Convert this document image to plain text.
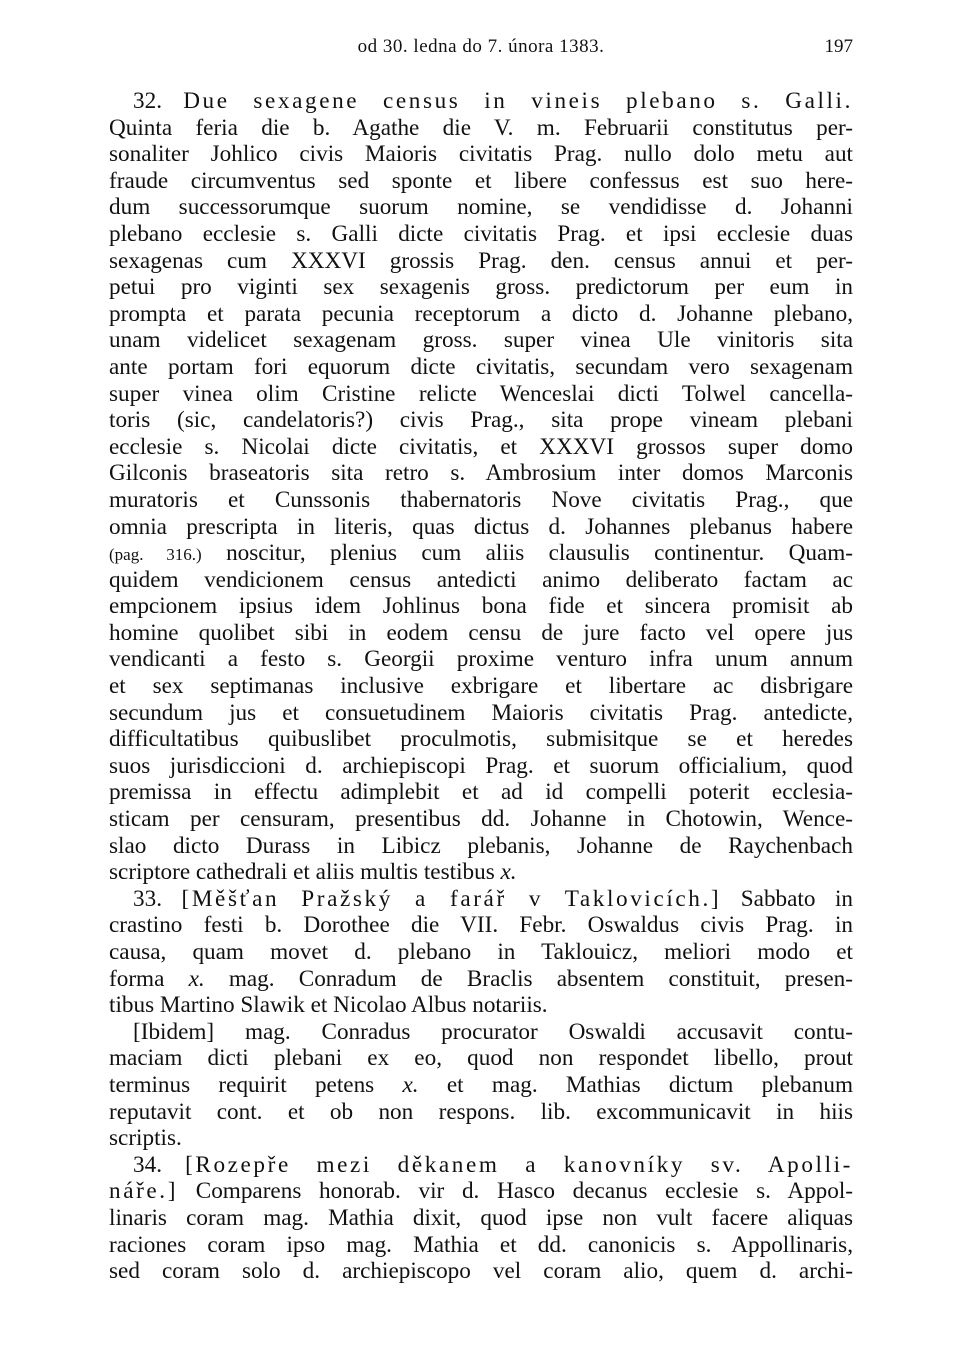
od 30. ledna do 7. února 1383.	197
32. Due sexagene census in vineis plebano s. Galli.
Quinta feria die b. Agathe die V. m. Februarii constitutus per-
sonaliter Johlico civis Maioris civitatis Prag. nullo dolo metu aut
fraude circumventus sed sponte et libere confessus est suo here-
dum successorumque suorum nomine, se vendidisse d. Johanni
plebano ecclesie s. Galli dicte civitatis Prag. et ipsi ecclesie duas
sexagenas cum XXXVI grossis Prag. den. census annui et per-
petui pro viginti sex sexagenis gross. predictorum per eum in
prompta et parata pecunia receptorum a dicto d. Johanne plebano,
unam videlicet sexagenam gross. super vinea Ule vinitoris sita
ante portam fori equorum dicte civitatis, secundam vero sexagenam
super vinea olim Cristine relicte Wenceslai dicti Tolwel cancella-
toris (sic, candelatoris?) civis Prag., sita prope vineam plebani
ecclesie s. Nicolai dicte civitatis, et XXXVI grossos super domo
Gilconis braseatoris sita retro s. Ambrosium inter domos Marconis
muratoris et Cunssonis thabernatoris Nove civitatis Prag., que
omnia prescripta in literis, quas dictus d. Johannes plebanus habere
(pag. 316.) noscitur, plenius cum aliis clausulis continentur. Quam-
quidem vendicionem census antedicti animo deliberato factam ac
empcionem ipsius idem Johlinus bona fide et sincera promisit ab
homine quolibet sibi in eodem censu de jure facto vel opere jus
vendicanti a festo s. Georgii proxime venturo infra unum annum
et sex septimanas inclusive exbrigare et libertare ac disbrigare
secundum jus et consuetudinem Maioris civitatis Prag. antedicte,
difficultatibus quibuslibet proculmotis, submisitque se et heredes
suos jurisdiccioni d. archiepiscopi Prag. et suorum officialium, quod
premissa in effectu adimplebit et ad id compelli poterit ecclesia-
sticam per censuram, presentibus dd. Johanne in Chotowin, Wence-
slao dicto Durass in Libicz plebanis, Johanne de Raychenbach
scriptore cathedrali et aliis multis testibus x.
33. [Měšťan Pražský a farář v Taklovicích.] Sabbato in
crastino festi b. Dorothee die VII. Febr. Oswaldus civis Prag. in
causa, quam movet d. plebano in Taklouicz, meliori modo et
forma x. mag. Conradum de Braclis absentem constituit, presen-
tibus Martino Slawik et Nicolao Albus notariis.
[Ibidem] mag. Conradus procurator Oswaldi accusavit contu-
maciam dicti plebani ex eo, quod non respondet libello, prout
terminus requirit petens x. et mag. Mathias dictum plebanum
reputavit cont. et ob non respons. lib. excommunicavit in hiis
scriptis.
34. [Rozepře mezi děkanem a kanovníky sv. Apolli-
náře.] Comparens honorab. vir d. Hasco decanus ecclesie s. Appol-
linaris coram mag. Mathia dixit, quod ipse non vult facere aliquas
raciones coram ipso mag. Mathia et dd. canonicis s. Appollinaris,
sed coram solo d. archiepiscopo vel coram alio, quem d. archi-
